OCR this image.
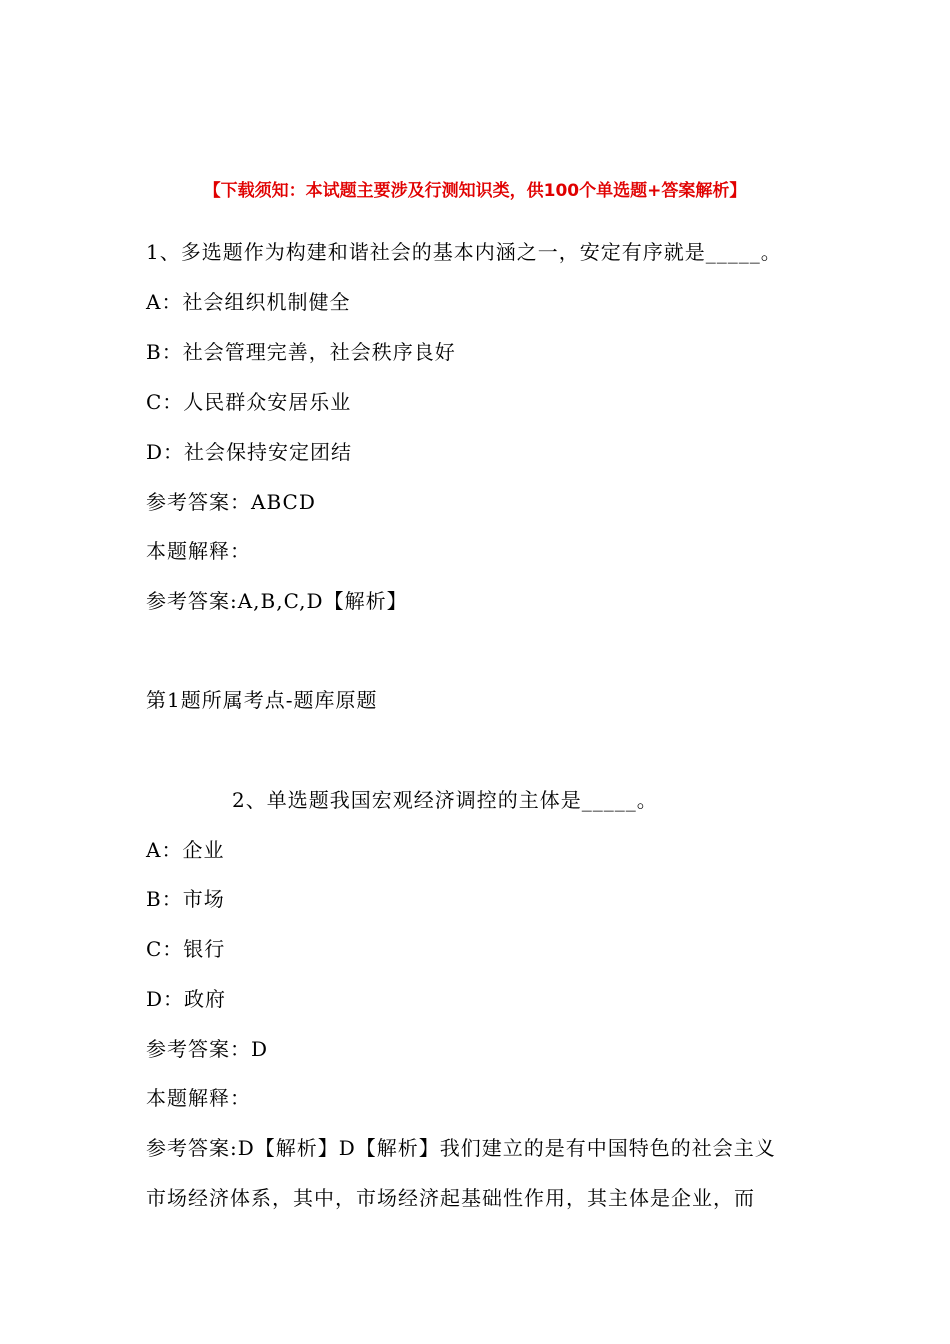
【下载须知：本试题主要涉及行测知识类，供100个单选题+答案解析】
1、多选题作为构建和谐社会的基本内涵之一，安定有序就是_____。
A：社会组织机制健全
B：社会管理完善，社会秩序良好
C：人民群众安居乐业
D：社会保持安定团结
参考答案：ABCD
本题解释：
参考答案:A,B,C,D【解析】
第1题所属考点-题库原题
2、单选题我国宏观经济调控的主体是_____。
A：企业
B：市场
C：银行
D：政府
参考答案：D
本题解释：
参考答案:D【解析】D【解析】我们建立的是有中国特色的社会主义
市场经济体系，其中，市场经济起基础性作用，其主体是企业，而
